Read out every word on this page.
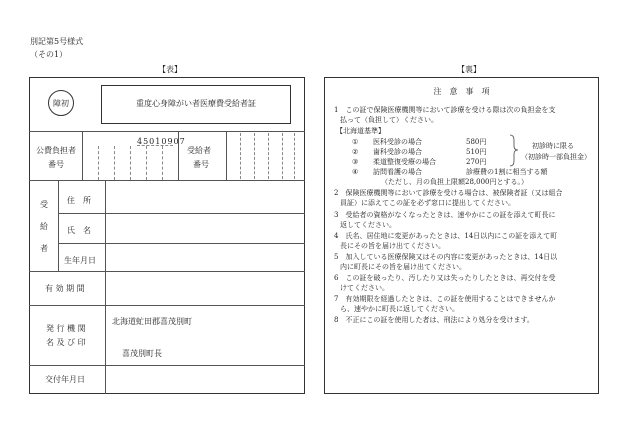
別記第5号様式
（その1）
【表】	【裏】
障初	重度心身障がい者医療費受給者証
公費負担者
番号
45010907
受給者
番号
受
給
者
住　所
氏　名
生年月日
有 効 期 間
発 行 機 関
名 及 び 印
北海道虻田郡喜茂別町
喜茂別町長
交付年月日
注　意　事　項
1　この証で保険医療機関等において診療を受ける際は次の負担金を支
払って（負担して）ください。
【北海道基準】
① 医科受診の場合	580円
② 歯科受診の場合	510円
③ 柔道整復受療の場合	270円
④ 訪問看護の場合	診療費の1割に相当する額
初診時に限る
（初診時一部負担金）
（ただし、月の負担上限額28,000円とする。）
2　保険医療機関等において診療を受ける場合は、被保険者証（又は組合
員証）に添えてこの証を必ず窓口に提出してください。
3　受給者の資格がなくなったときは、速やかにこの証を添えて町長に
返してください。
4　氏名、居住地に変更があったときは、14日以内にこの証を添えて町
長にその旨を届け出てください。
5　加入している医療保険又はその内容に変更があったときは、14日以
内に町長にその旨を届け出てください。
6　この証を破ったり、汚したり又は失ったりしたときは、再交付を受
けてください。
7　有効期限を経過したときは、この証を使用することはできませんか
ら、速やかに町長に返してください。
8　不正にこの証を使用した者は、刑法により処分を受けます。
